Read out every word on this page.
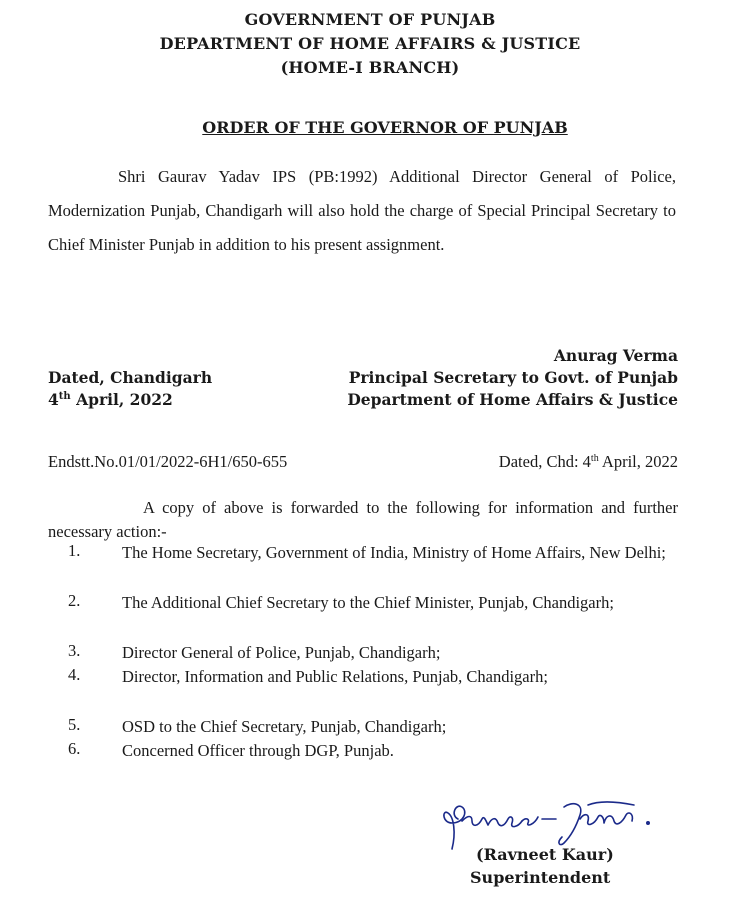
GOVERNMENT OF PUNJAB
DEPARTMENT OF HOME AFFAIRS & JUSTICE
(HOME-I BRANCH)
ORDER OF THE GOVERNOR OF PUNJAB
Shri Gaurav Yadav IPS (PB:1992) Additional Director General of Police, Modernization Punjab, Chandigarh will also hold the charge of Special Principal Secretary to Chief Minister Punjab in addition to his present assignment.
Anurag Verma
Principal Secretary to Govt. of Punjab
Department of Home Affairs & Justice
Dated, Chandigarh
4th April, 2022
Endstt.No.01/01/2022-6H1/650-655	Dated, Chd: 4th April, 2022
A copy of above is forwarded to the following for information and further necessary action:-
1.	The Home Secretary, Government of India, Ministry of Home Affairs, New Delhi;
2.	The Additional Chief Secretary to the Chief Minister, Punjab, Chandigarh;
3.	Director General of Police, Punjab, Chandigarh;
4.	Director, Information and Public Relations, Punjab, Chandigarh;
5.	OSD to the Chief Secretary, Punjab, Chandigarh;
6.	Concerned Officer through DGP, Punjab.
(Ravneet Kaur)
Superintendent
